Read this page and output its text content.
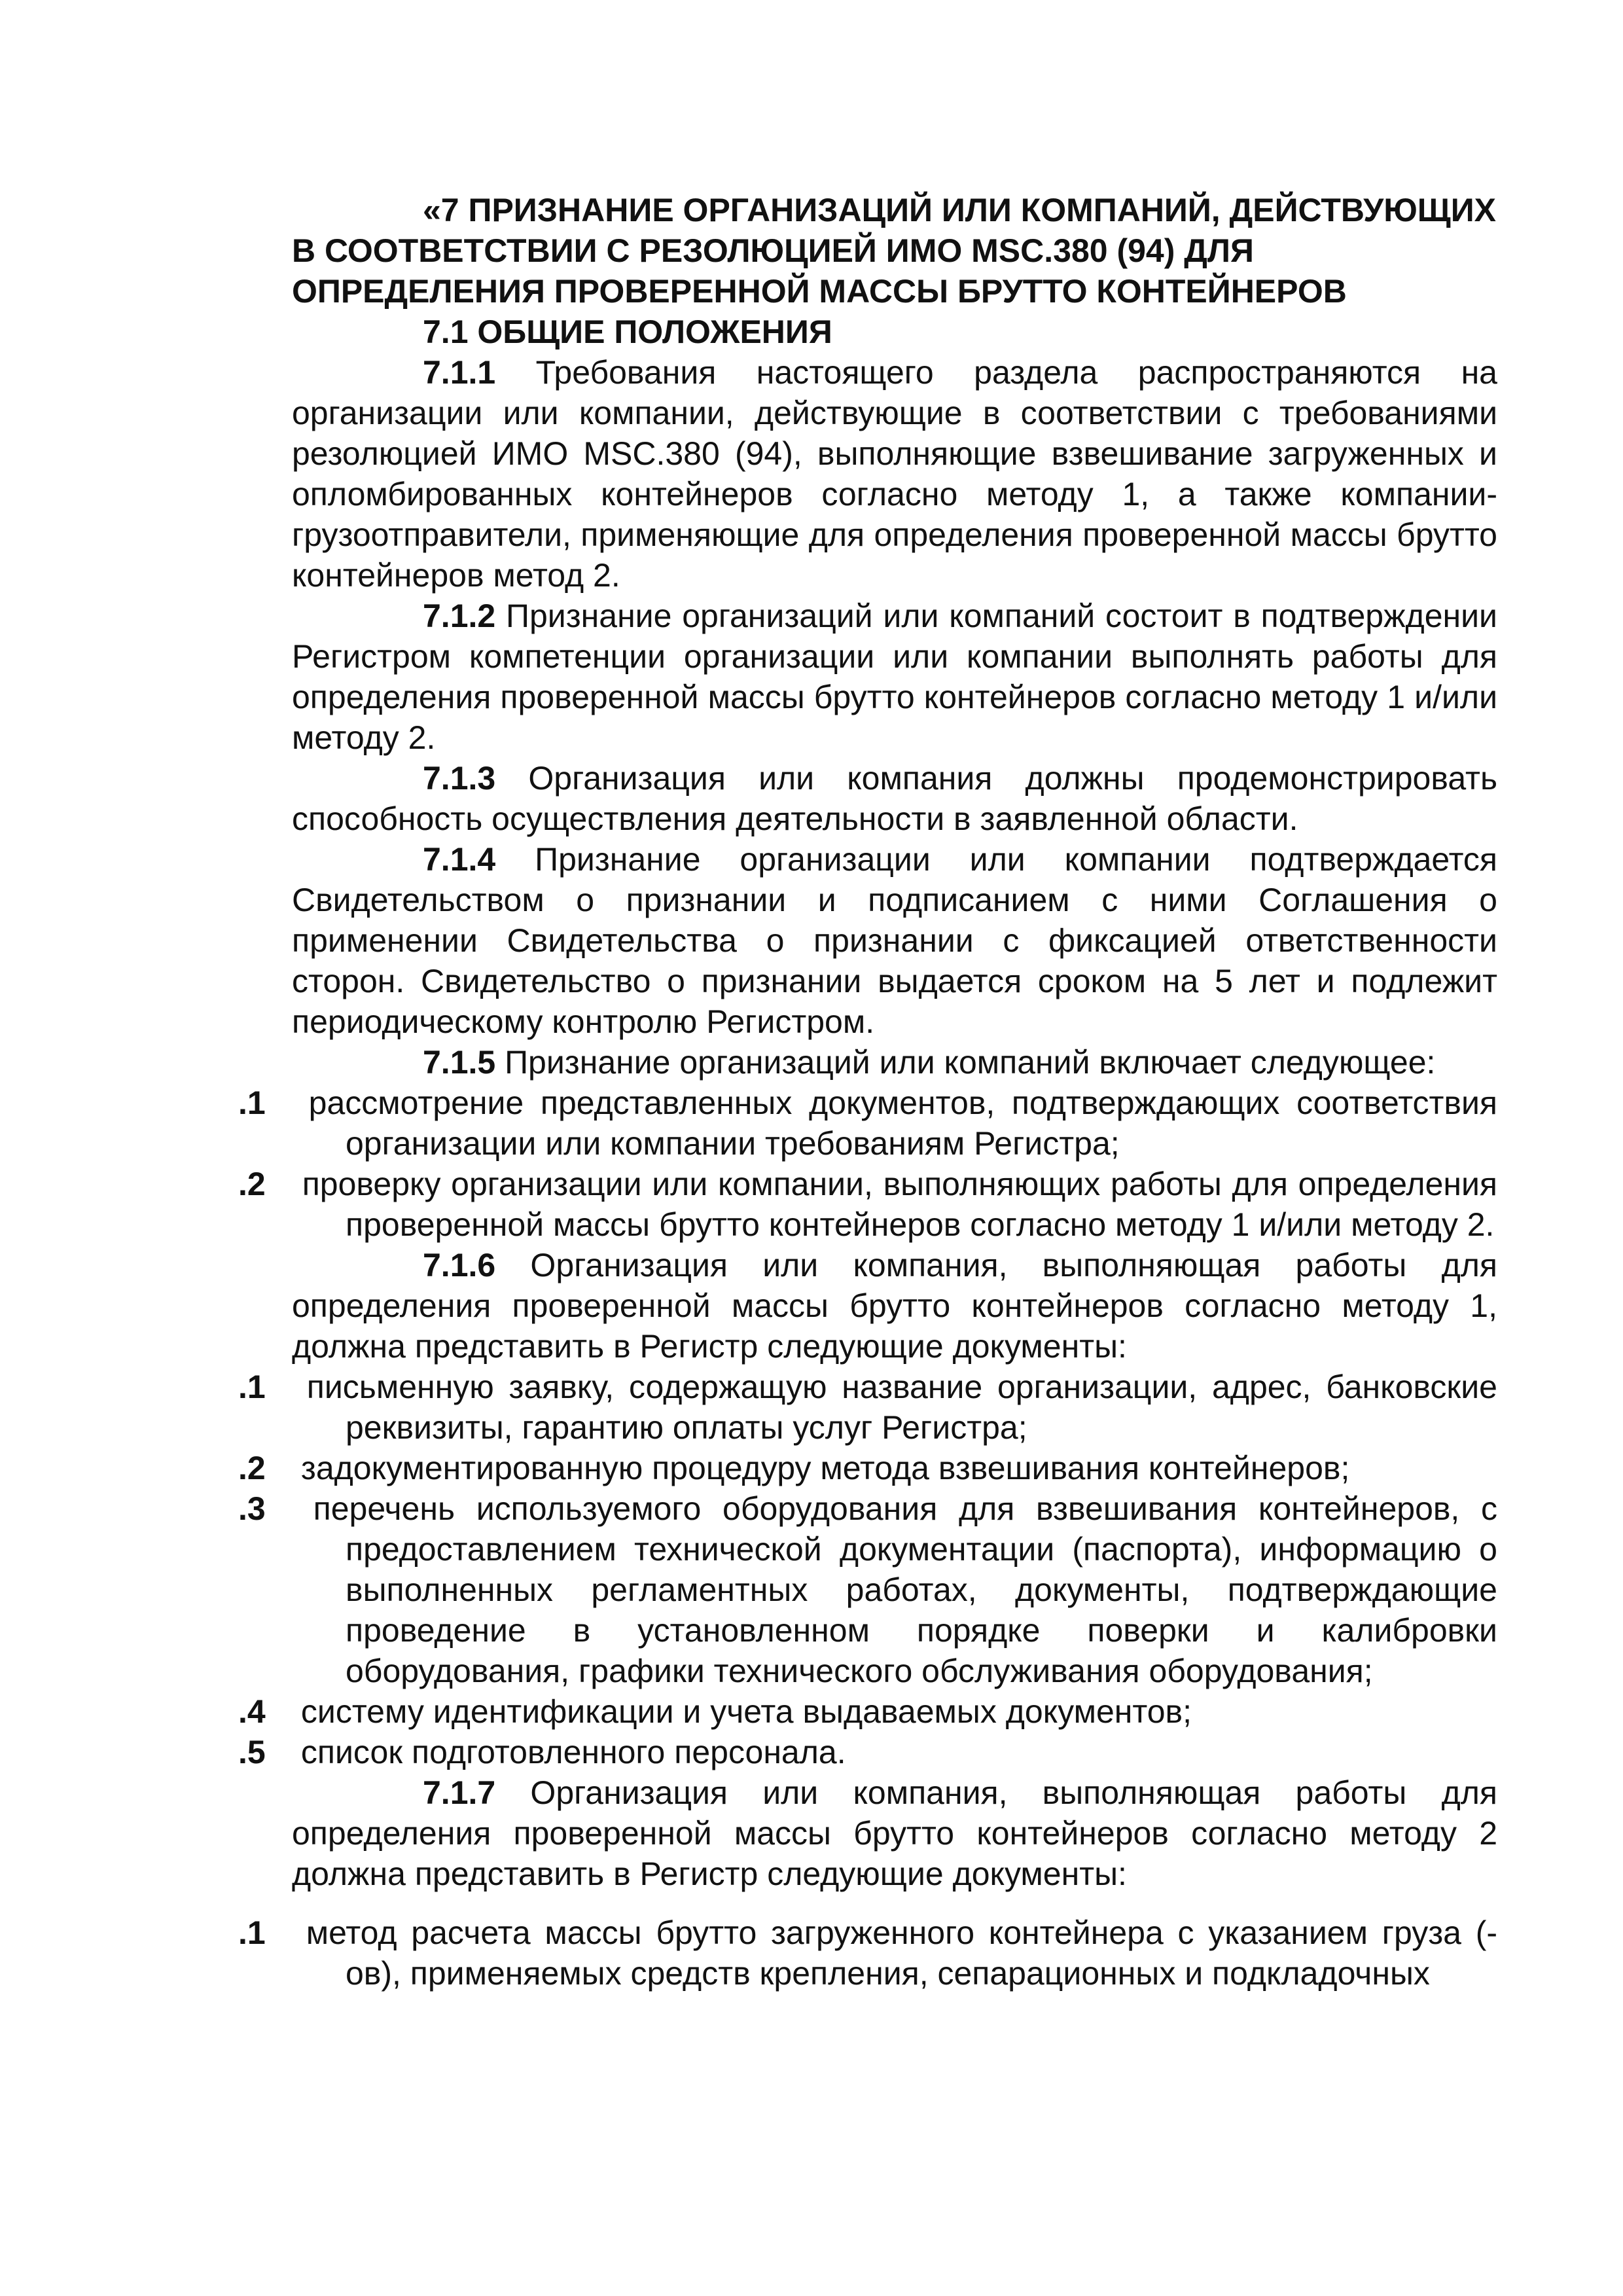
«7 ПРИЗНАНИЕ ОРГАНИЗАЦИЙ ИЛИ КОМПАНИЙ, ДЕЙСТВУЮЩИХ В СООТВЕТСТВИИ С РЕЗОЛЮЦИЕЙ ИМО MSC.380 (94) ДЛЯ ОПРЕДЕЛЕНИЯ ПРОВЕРЕННОЙ МАССЫ БРУТТО КОНТЕЙНЕРОВ

7.1 ОБЩИЕ ПОЛОЖЕНИЯ

7.1.1 Требования настоящего раздела распространяются на организации или компании, действующие в соответствии с требованиями резолюцией ИМО MSC.380 (94), выполняющие взвешивание загруженных и опломбированных контейнеров согласно методу 1, а также компании-грузоотправители, применяющие для определения проверенной массы брутто контейнеров метод 2.

7.1.2 Признание организаций или компаний состоит в подтверждении Регистром компетенции организации или компании выполнять работы для определения проверенной массы брутто контейнеров согласно методу 1 и/или методу 2.

7.1.3 Организация или компания должны продемонстрировать способность осуществления деятельности в заявленной области.

7.1.4 Признание организации или компании подтверждается Свидетельством о признании и подписанием с ними Соглашения о применении Свидетельства о признании с фиксацией ответственности сторон. Свидетельство о признании выдается сроком на 5 лет и подлежит периодическому контролю Регистром.

7.1.5 Признание организаций или компаний включает следующее:

.1 рассмотрение представленных документов, подтверждающих соответствия организации или компании требованиям Регистра;

.2 проверку организации или компании, выполняющих работы для определения проверенной массы брутто контейнеров согласно методу 1 и/или методу 2.

7.1.6 Организация или компания, выполняющая работы для определения проверенной массы брутто контейнеров согласно методу 1, должна представить в Регистр следующие документы:

.1 письменную заявку, содержащую название организации, адрес, банковские реквизиты, гарантию оплаты услуг Регистра;

.2 задокументированную процедуру метода взвешивания контейнеров;

.3 перечень используемого оборудования для взвешивания контейнеров, с предоставлением технической документации (паспорта), информацию о выполненных регламентных работах, документы, подтверждающие проведение в установленном порядке поверки и калибровки оборудования, графики технического обслуживания оборудования;

.4 систему идентификации и учета выдаваемых документов;

.5 список подготовленного персонала.

7.1.7 Организация или компания, выполняющая работы для определения проверенной массы брутто контейнеров согласно методу 2 должна представить в Регистр следующие документы:

.1 метод расчета массы брутто загруженного контейнера с указанием груза (-ов), применяемых средств крепления, сепарационных и подкладочных
